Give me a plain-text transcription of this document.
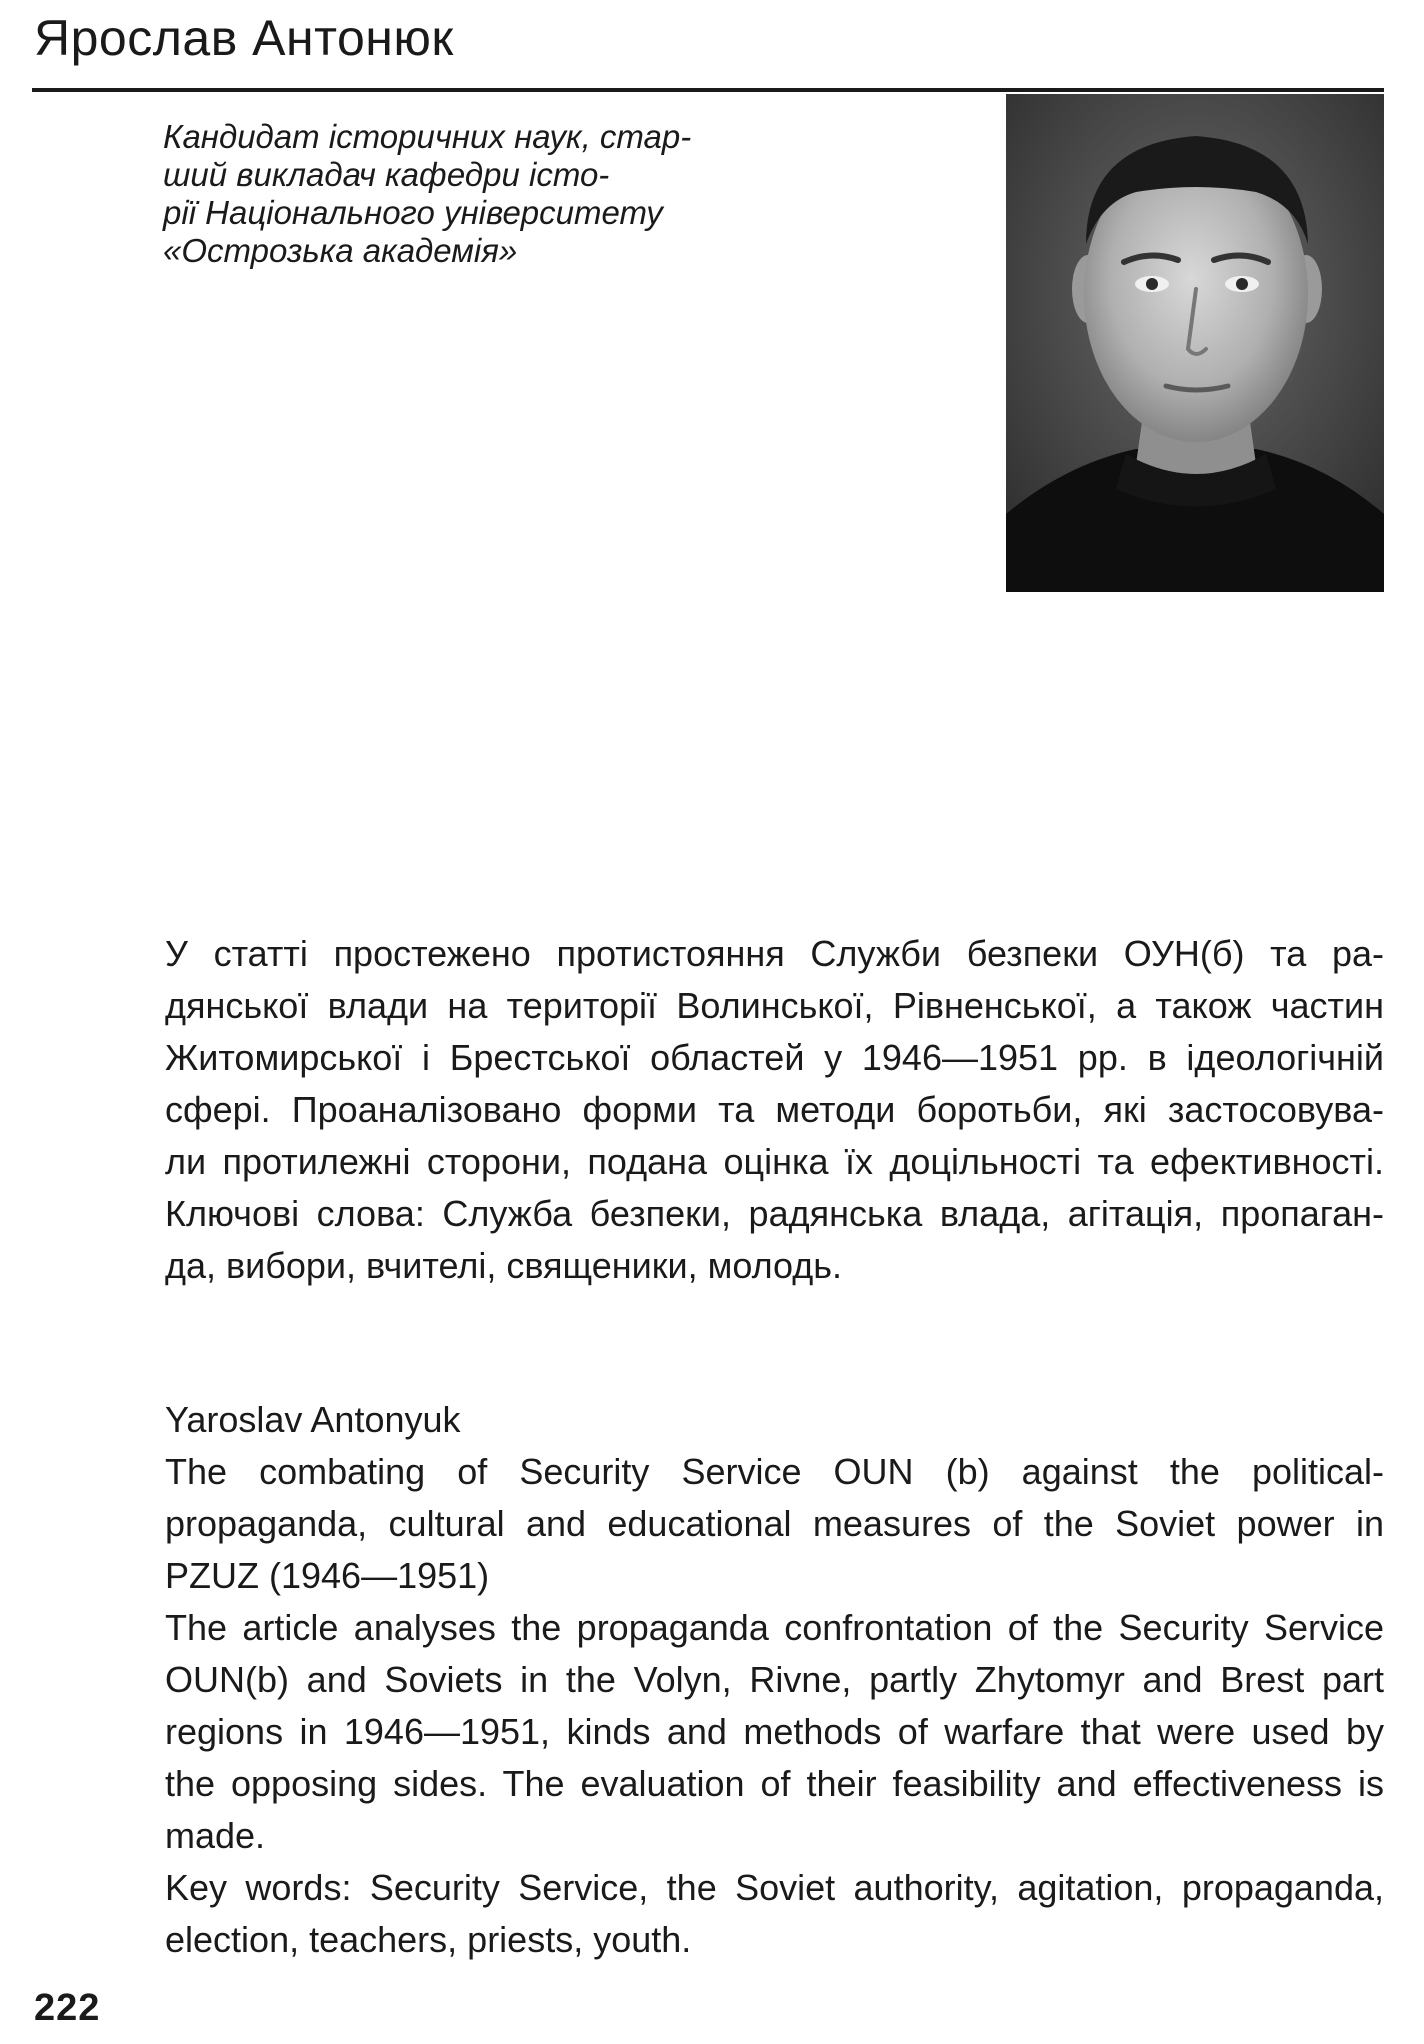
Ярослав Антонюк
Кандидат історичних наук, стар-
ший викладач кафедри істо-
рії Національного університету
«Острозька академія»
У статті простежено протистояння Служби безпеки ОУН(б) та ра-
дянської влади на території Волинської, Рівненської, а також частин
Житомирської і Брестської областей у 1946—1951 рр. в ідеологічній
сфері. Проаналізовано форми та методи боротьби, які застосовува-
ли протилежні сторони, подана оцінка їх доцільності та ефективності.
Ключові слова: Служба безпеки, радянська влада, агітація, пропаган-
да, вибори, вчителі, священики, молодь.
Yaroslav Antonyuk
The combating of Security Service OUN (b) against the political-
propaganda, cultural and educational measures of the Soviet power in
PZUZ (1946—1951)
The article analyses the propaganda confrontation of the Security Service
OUN(b) and Soviets in the Volyn, Rivne, partly Zhytomyr and Brest part
regions in 1946—1951, kinds and methods of warfare that were used by
the opposing sides. The evaluation of their feasibility and effectiveness is
made.
Key words: Security Service, the Soviet authority, agitation, propaganda,
election, teachers, priests, youth.
222
